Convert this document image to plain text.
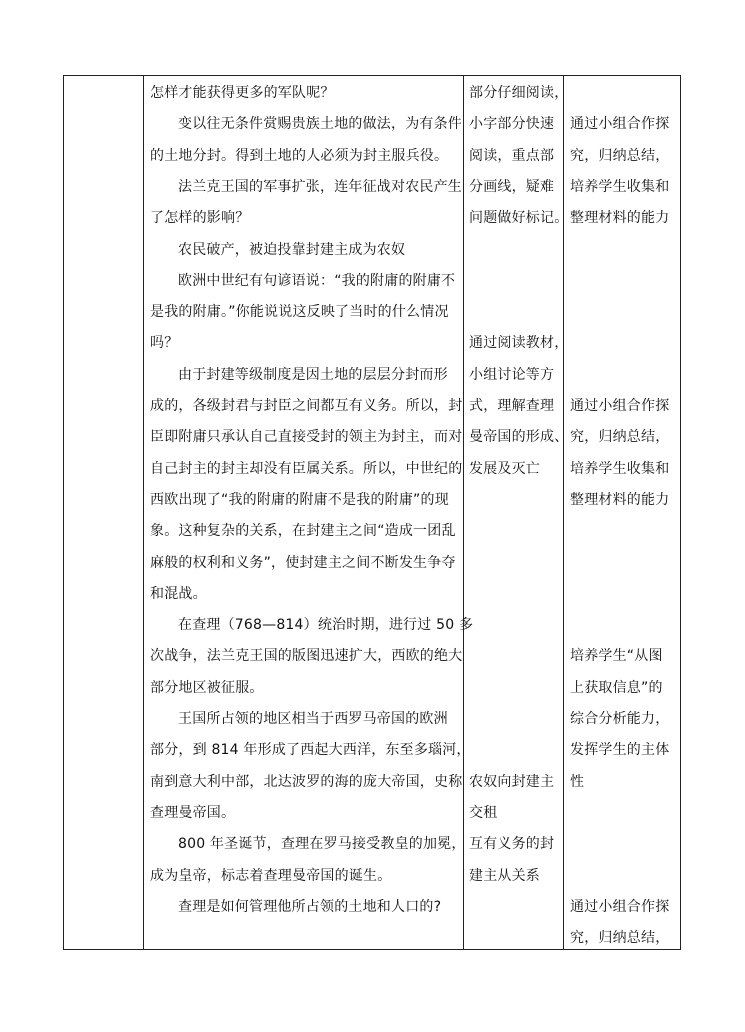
怎样才能获得更多的军队呢？
变以往无条件赏赐贵族土地的做法，为有条件
的土地分封。得到土地的人必须为封主服兵役。
法兰克王国的军事扩张，连年征战对农民产生
了怎样的影响？
农民破产，被迫投靠封建主成为农奴
欧洲中世纪有句谚语说：“我的附庸的附庸不
是我的附庸。”你能说说这反映了当时的什么情况
吗？
由于封建等级制度是因土地的层层分封而形
成的，各级封君与封臣之间都互有义务。所以，封
臣即附庸只承认自己直接受封的领主为封主，而对
自己封主的封主却没有臣属关系。所以，中世纪的
西欧出现了“我的附庸的附庸不是我的附庸”的现
象。这种复杂的关系，在封建主之间“造成一团乱
麻般的权利和义务”，使封建主之间不断发生争夺
和混战。
在查理（768—814）统治时期，进行过 50 多
次战争，法兰克王国的版图迅速扩大，西欧的绝大
部分地区被征服。
王国所占领的地区相当于西罗马帝国的欧洲
部分，到 814 年形成了西起大西洋，东至多瑙河，
南到意大利中部，北达波罗的海的庞大帝国，史称
查理曼帝国。
800 年圣诞节，查理在罗马接受教皇的加冕，
成为皇帝，标志着查理曼帝国的诞生。
查理是如何管理他所占领的土地和人口的?
部分仔细阅读，
小字部分快速
阅读，重点部
分画线，疑难
问题做好标记。
通过阅读教材，
小组讨论等方
式，理解查理
曼帝国的形成、
发展及灭亡
农奴向封建主
交租
互有义务的封
建主从关系
通过小组合作探
究，归纳总结，
培养学生收集和
整理材料的能力
通过小组合作探
究，归纳总结，
培养学生收集和
整理材料的能力
培养学生“从图
上获取信息”的
综合分析能力，
发挥学生的主体
性
通过小组合作探
究，归纳总结，
